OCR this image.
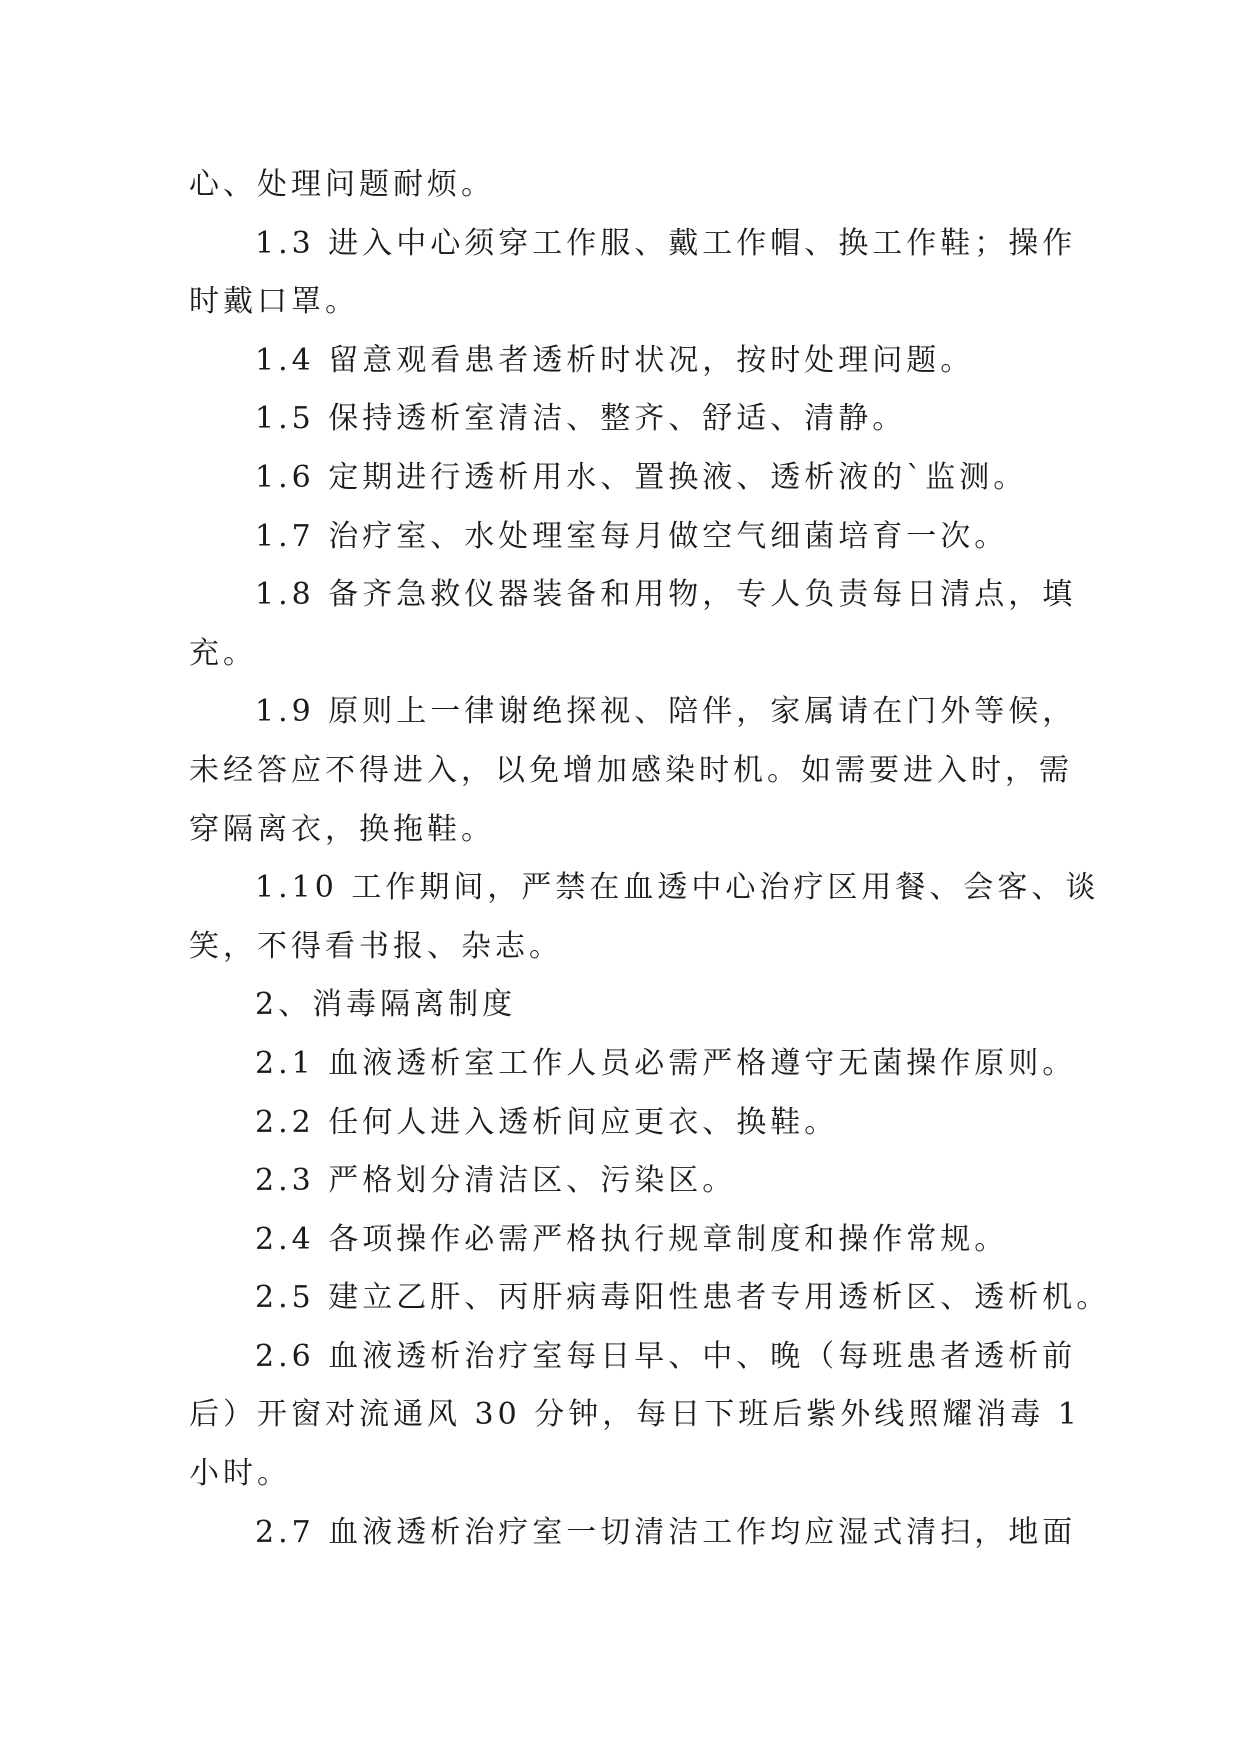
心、处理问题耐烦。
1.3 进入中心须穿工作服、戴工作帽、换工作鞋；操作
时戴口罩。
1.4 留意观看患者透析时状况，按时处理问题。
1.5 保持透析室清洁、整齐、舒适、清静。
1.6 定期进行透析用水、置换液、透析液的`监测。
1.7 治疗室、水处理室每月做空气细菌培育一次。
1.8 备齐急救仪器装备和用物，专人负责每日清点，填
充。
1.9 原则上一律谢绝探视、陪伴，家属请在门外等候，
未经答应不得进入，以免增加感染时机。如需要进入时，需
穿隔离衣，换拖鞋。
1.10 工作期间，严禁在血透中心治疗区用餐、会客、谈
笑，不得看书报、杂志。
2、消毒隔离制度
2.1 血液透析室工作人员必需严格遵守无菌操作原则。
2.2 任何人进入透析间应更衣、换鞋。
2.3 严格划分清洁区、污染区。
2.4 各项操作必需严格执行规章制度和操作常规。
2.5 建立乙肝、丙肝病毒阳性患者专用透析区、透析机。
2.6 血液透析治疗室每日早、中、晚（每班患者透析前
后）开窗对流通风 30 分钟，每日下班后紫外线照耀消毒 1
小时。
2.7 血液透析治疗室一切清洁工作均应湿式清扫，地面
